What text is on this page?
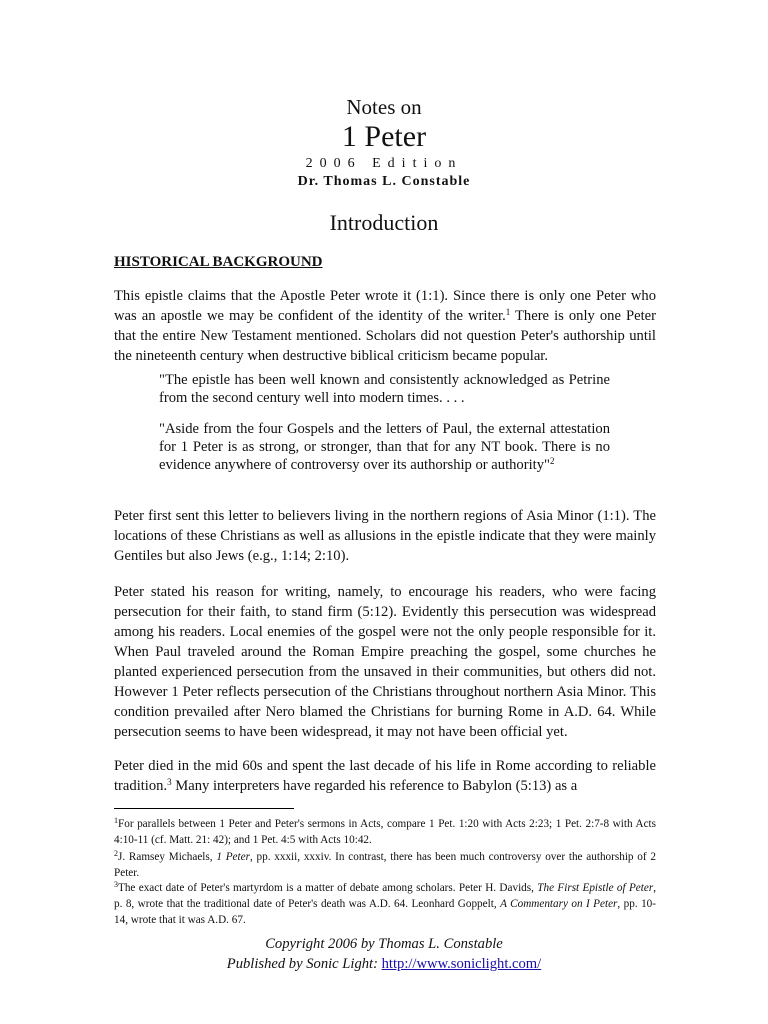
Notes on
1 Peter
2006 Edition
Dr. Thomas L. Constable
Introduction
HISTORICAL BACKGROUND
This epistle claims that the Apostle Peter wrote it (1:1). Since there is only one Peter who was an apostle we may be confident of the identity of the writer.$^1$ There is only one Peter that the entire New Testament mentioned. Scholars did not question Peter's authorship until the nineteenth century when destructive biblical criticism became popular.
"The epistle has been well known and consistently acknowledged as Petrine from the second century well into modern times. . . .
"Aside from the four Gospels and the letters of Paul, the external attestation for 1 Peter is as strong, or stronger, than that for any NT book. There is no evidence anywhere of controversy over its authorship or authority"$^2$
Peter first sent this letter to believers living in the northern regions of Asia Minor (1:1). The locations of these Christians as well as allusions in the epistle indicate that they were mainly Gentiles but also Jews (e.g., 1:14; 2:10).
Peter stated his reason for writing, namely, to encourage his readers, who were facing persecution for their faith, to stand firm (5:12). Evidently this persecution was widespread among his readers. Local enemies of the gospel were not the only people responsible for it. When Paul traveled around the Roman Empire preaching the gospel, some churches he planted experienced persecution from the unsaved in their communities, but others did not. However 1 Peter reflects persecution of the Christians throughout northern Asia Minor. This condition prevailed after Nero blamed the Christians for burning Rome in A.D. 64. While persecution seems to have been widespread, it may not have been official yet.
Peter died in the mid 60s and spent the last decade of his life in Rome according to reliable tradition.$^3$ Many interpreters have regarded his reference to Babylon (5:13) as a
$^1$For parallels between 1 Peter and Peter's sermons in Acts, compare 1 Pet. 1:20 with Acts 2:23; 1 Pet. 2:7-8 with Acts 4:10-11 (cf. Matt. 21: 42); and 1 Pet. 4:5 with Acts 10:42.
$^2$J. Ramsey Michaels, 1 Peter, pp. xxxii, xxxiv. In contrast, there has been much controversy over the authorship of 2 Peter.
$^3$The exact date of Peter's martyrdom is a matter of debate among scholars. Peter H. Davids, The First Epistle of Peter, p. 8, wrote that the traditional date of Peter's death was A.D. 64. Leonhard Goppelt, A Commentary on I Peter, pp. 10-14, wrote that it was A.D. 67.
Copyright 2006 by Thomas L. Constable
Published by Sonic Light: http://www.soniclight.com/
